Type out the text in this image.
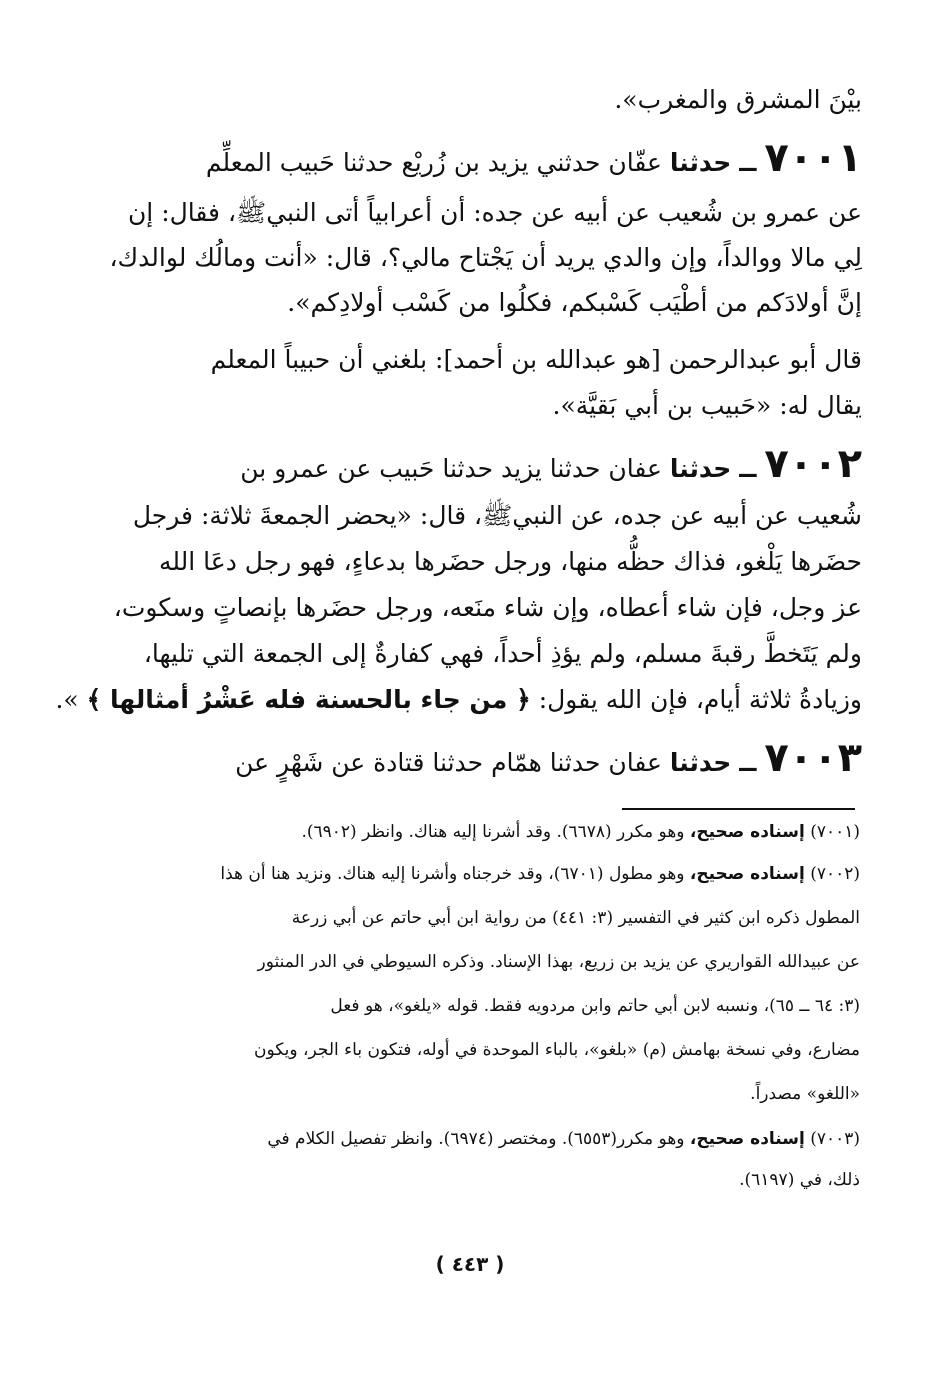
بيْنَ المشرق والمغرب».
٧٠٠١ ــ حدثنا عفّان حدثني يزيد بن زُريْع حدثنا حَبيب المعلِّم
عن عمرو بن شُعيب عن أبيه عن جده: أن أعرابياً أتى النبيﷺ، فقال: إن
لِي مالا ووالداً، وإن والدي يريد أن يَجْتاح مالي؟، قال: «أنت ومالُك لوالدك،
إنَّ أولادَكم من أطْيَب كَسْبكم، فكلُوا من كَسْب أولادِكم».
قال أبو عبدالرحمن [هو عبدالله بن أحمد]: بلغني أن حبيباً المعلم
يقال له: «حَبيب بن أبي بَقيَّة».
٧٠٠٢ ــ حدثنا عفان حدثنا يزيد حدثنا حَبيب عن عمرو بن
شُعيب عن أبيه عن جده، عن النبيﷺ، قال: «يحضر الجمعةَ ثلاثة: فرجل
حضَرها يَلْغو، فذاك حظُّه منها، ورجل حضَرها بدعاءٍ، فهو رجل دعَا الله
عز وجل، فإن شاء أعطاه، وإن شاء منَعه، ورجل حضَرها بإنصاتٍ وسكوت،
ولم يَتَخطَّ رقبةَ مسلم، ولم يؤذِ أحداً، فهي كفارةٌ إلى الجمعة التي تليها،
وزيادةُ ثلاثة أيام، فإن الله يقول: ﴿ من جاء بالحسنة فله عَشْرُ أمثالها ﴾ ».
٧٠٠٣ ــ حدثنا عفان حدثنا همّام حدثنا قتادة عن شَهْرٍ عن
(٧٠٠١) إسناده صحيح، وهو مكرر (٦٦٧٨). وقد أشرنا إليه هناك. وانظر (٦٩٠٢).
(٧٠٠٢) إسناده صحيح، وهو مطول (٦٧٠١)، وقد خرجناه وأشرنا إليه هناك. ونزيد هنا أن هذا
المطول ذكره ابن كثير في التفسير (٣: ٤٤١) من رواية ابن أبي حاتم عن أبي زرعة
عن عبيدالله القواريري عن يزيد بن زريع، بهذا الإسناد. وذكره السيوطي في الدر المنثور
(٣: ٦٤ ــ ٦٥)، ونسبه لابن أبي حاتم وابن مردويه فقط. قوله «يلغو»، هو فعل
مضارع، وفي نسخة بهامش (م) «بلغو»، بالباء الموحدة في أوله، فتكون باء الجر، ويكون
«اللغو» مصدراً.
(٧٠٠٣) إسناده صحيح، وهو مكرر(٦٥٥٣). ومختصر (٦٩٧٤). وانظر تفصيل الكلام في
ذلك، في (٦١٩٧).
( ٤٤٣ )
